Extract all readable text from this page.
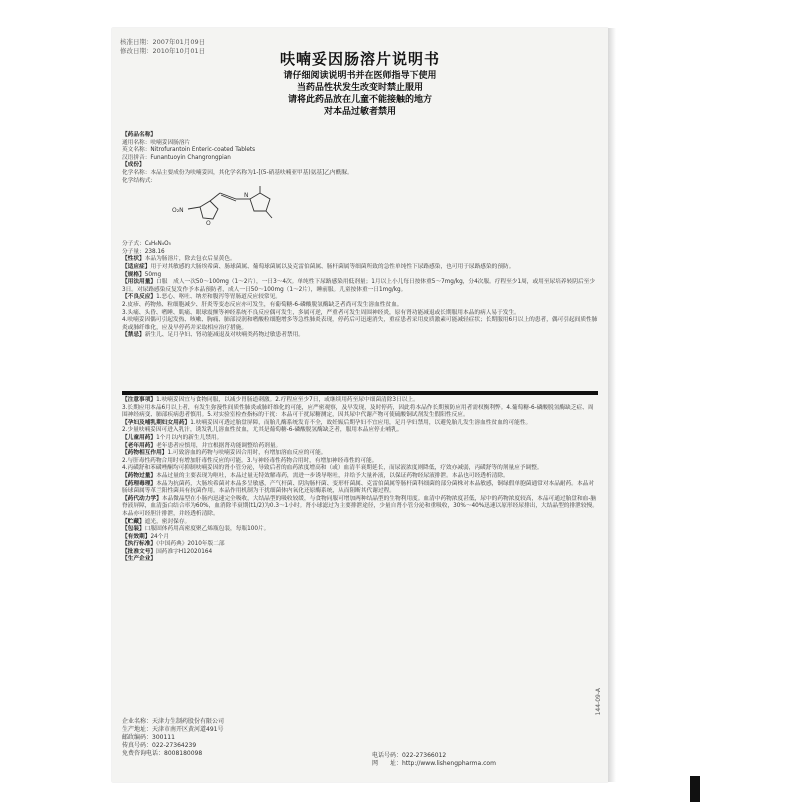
核准日期：2007年01月09日
修改日期：2010年10月01日	呋喃妥因肠溶片说明书
请仔细阅读说明书并在医师指导下使用
当药品性状发生改变时禁止服用
请将此药品放在儿童不能接触的地方
对本品过敏者禁用

【药品名称】

通用名称：呋喃妥因肠溶片

英文名称：Nitrofurantoin Enteric-coated Tablets

汉语拼音：Funantuoyin Changrongpian

【成份】

化学名称：本品主要成份为呋喃妥因，其化学名称为1-[(5-硝基呋喃亚甲基)氨基]乙内酰脲。

化学结构式：

O₂N
O
N

分子式：C₈H₆N₄O₅

分子量：238.16

【性状】本品为肠溶片，除去包衣后显黄色。

【适应症】用于对其敏感的大肠埃希菌、肠球菌属、葡萄球菌属以及克雷伯菌属、肠杆菌属等细菌所致的急性单纯性下尿路感染，也可用于尿路感染的预防。

【规格】50mg

【用法用量】口服　成人一次50～100mg（1～2片），一日3～4次。单纯性下尿路感染用低剂量；1月以上小儿每日按体重5～7mg/kg，分4次服。疗程至少1周，或用至尿培养转阴后至少3日。对尿路感染反复发作予本品预防者，成人一日50～100mg（1～2片），睡前服。儿童按体重一日1mg/kg。

【不良反应】1.恶心、呕吐、纳差和腹泻等胃肠道反应较常见。

2.皮疹、药物热、粒细胞减少、肝炎等变态反应亦可发生，有葡萄糖-6-磷酸脱氢酶缺乏者尚可发生溶血性贫血。

3.头痛、头昏、嗜睡、肌痛、眼球震颤等神经系统不良反应偶可发生，多属可逆，严重者可发生周围神经炎，原有肾功能减退或长期服用本品的病人易于发生。

4.呋喃妥因偶可引起发热、咳嗽、胸痛、肺部浸润和嗜酸粒细胞增多等急性肺炎表现，停药后可迅速消失，重症患者采用皮质激素可能减轻症状；长期服用6月以上的患者，偶可引起间质性肺炎或肺纤维化，应及早停药并采取相应治疗措施。

【禁忌】新生儿、足月孕妇、肾功能减退及对呋喃类药物过敏患者禁用。

【注意事项】1.呋喃妥因宜与食物同服，以减少胃肠道刺激。2.疗程应至少7日，或继续用药至尿中细菌清除3日以上。

3.长期应用本品6月以上者，有发生弥漫性间质性肺炎或肺纤维化的可能，应严密观察，及早发现，及时停药，因此将本品作长期预防应用者需权衡利弊。4.葡萄糖-6-磷酸脱氢酶缺乏症、周围神经病变、肺部疾病患者慎用。5.对实验室检查指标的干扰：本品可干扰尿糖测定，因其尿中代谢产物可使硫酸铜试剂发生假阳性反应。

【孕妇及哺乳期妇女用药】1.呋喃妥因可透过胎盘屏障，而胎儿酶系统发育不全，故妊娠后期孕妇不宜应用，足月孕妇禁用，以避免胎儿发生溶血性贫血的可能性。

2.少量呋喃妥因可进入乳汁，诱发乳儿溶血性贫血，尤其是葡萄糖-6-磷酸脱氢酶缺乏者，服用本品应停止哺乳。

【儿童用药】1个月以内的新生儿禁用。

【老年用药】老年患者应慎用，并宜根据肾功能调整给药剂量。

【药物相互作用】1.可致溶血的药物与呋喃妥因合用时，有增加溶血反应的可能。

2.与肝毒性药物合用时有增加肝毒性反应的可能。3.与神经毒性药物合用时，有增加神经毒性的可能。

4.丙磺舒和苯磺唑酮均可抑制呋喃妥因的肾小管分泌，导致后者的血药浓度增高和（或）血清半衰期延长，而尿液浓度则降低，疗效亦减弱，丙磺舒等的剂量应予调整。

【药物过量】本品过量的主要表现为呕吐，本品过量无特效解毒药，需进一步诱导呕吐，并给予大量补液，以保证药物经尿液排泄。本品也可经透析清除。

【药理毒理】本品为抗菌药，大肠埃希菌对本品多呈敏感，产气杆菌、阴沟肠杆菌、变形杆菌属、克雷伯菌属等肠杆菌科细菌的部分菌株对本品敏感，铜绿假单胞菌通常对本品耐药。本品对肠球菌属等革兰阳性菌具有抗菌作用。本品作用机制为干扰细菌体内氧化还原酶系统，从而阻断其代谢过程。

【药代动力学】本品微晶型在小肠内迅速完全吸收，大结晶型的吸收较缓，与食物同服可增加两种结晶型的生物利用度。血清中药物浓度甚低，尿中的药物浓度较高，本品可通过胎盘和血-脑脊液屏障，血清蛋白结合率为60%，血消除半衰期(t1/2)为0.3～1小时。肾小球滤过为主要排泄途径，少量自肾小管分泌和重吸收，30%～40%迅速以原形经尿排出，大结晶型的排泄较慢。本品亦可经胆汁排泄，并经透析清除。

【贮藏】遮光，密封保存。

【包装】口服固体药用高密度聚乙烯瓶包装，每瓶100片。

【有效期】24个月

【执行标准】《中国药典》2010年版二部

【批准文号】国药准字H12020164

【生产企业】

企业名称：天津力生制药股份有限公司
生产地址：天津市南开区黄河道491号
邮政编码：300111
传真号码：022-27364239
免费咨询电话：8008180098	电话号码：022-27366012
网　　址：http://www.lishengpharma.com
144-09-A
